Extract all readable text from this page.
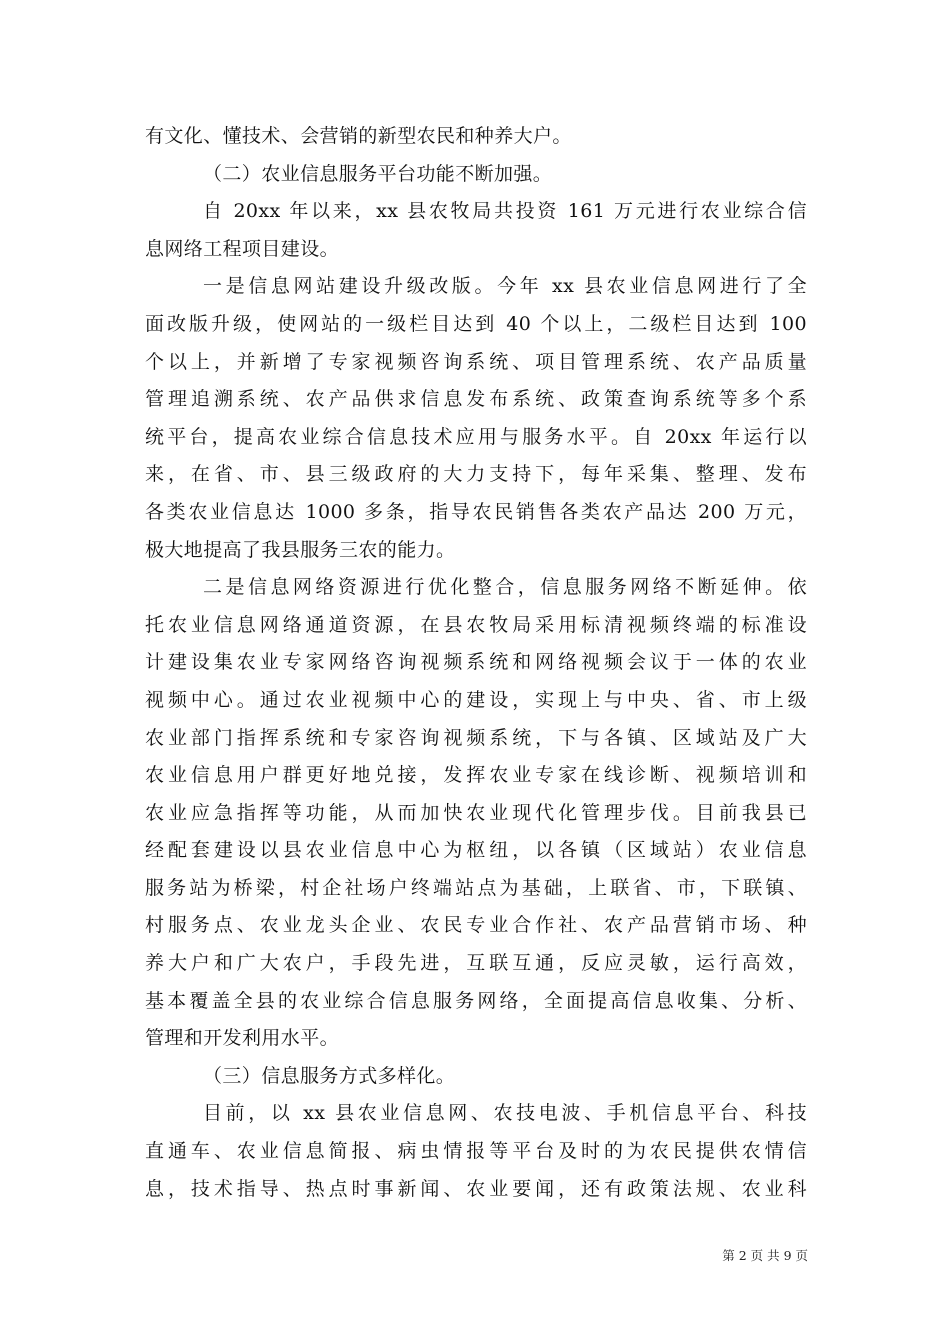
有文化、懂技术、会营销的新型农民和种养大户。
（二）农业信息服务平台功能不断加强。
自 20xx 年以来，xx 县农牧局共投资 161 万元进行农业综合信
息网络工程项目建设。
一是信息网站建设升级改版。今年 xx 县农业信息网进行了全
面改版升级，使网站的一级栏目达到 40 个以上，二级栏目达到 100
个以上，并新增了专家视频咨询系统、项目管理系统、农产品质量
管理追溯系统、农产品供求信息发布系统、政策查询系统等多个系
统平台，提高农业综合信息技术应用与服务水平。自 20xx 年运行以
来，在省、市、县三级政府的大力支持下，每年采集、整理、发布
各类农业信息达 1000 多条，指导农民销售各类农产品达 200 万元，
极大地提高了我县服务三农的能力。
二是信息网络资源进行优化整合，信息服务网络不断延伸。依
托农业信息网络通道资源，在县农牧局采用标清视频终端的标准设
计建设集农业专家网络咨询视频系统和网络视频会议于一体的农业
视频中心。通过农业视频中心的建设，实现上与中央、省、市上级
农业部门指挥系统和专家咨询视频系统，下与各镇、区域站及广大
农业信息用户群更好地兑接，发挥农业专家在线诊断、视频培训和
农业应急指挥等功能，从而加快农业现代化管理步伐。目前我县已
经配套建设以县农业信息中心为枢纽，以各镇（区域站）农业信息
服务站为桥梁，村企社场户终端站点为基础，上联省、市，下联镇、
村服务点、农业龙头企业、农民专业合作社、农产品营销市场、种
养大户和广大农户，手段先进，互联互通，反应灵敏，运行高效，
基本覆盖全县的农业综合信息服务网络，全面提高信息收集、分析、
管理和开发利用水平。
（三）信息服务方式多样化。
目前，以 xx 县农业信息网、农技电波、手机信息平台、科技
直通车、农业信息简报、病虫情报等平台及时的为农民提供农情信
息，技术指导、热点时事新闻、农业要闻，还有政策法规、农业科
第 2 页 共 9 页
